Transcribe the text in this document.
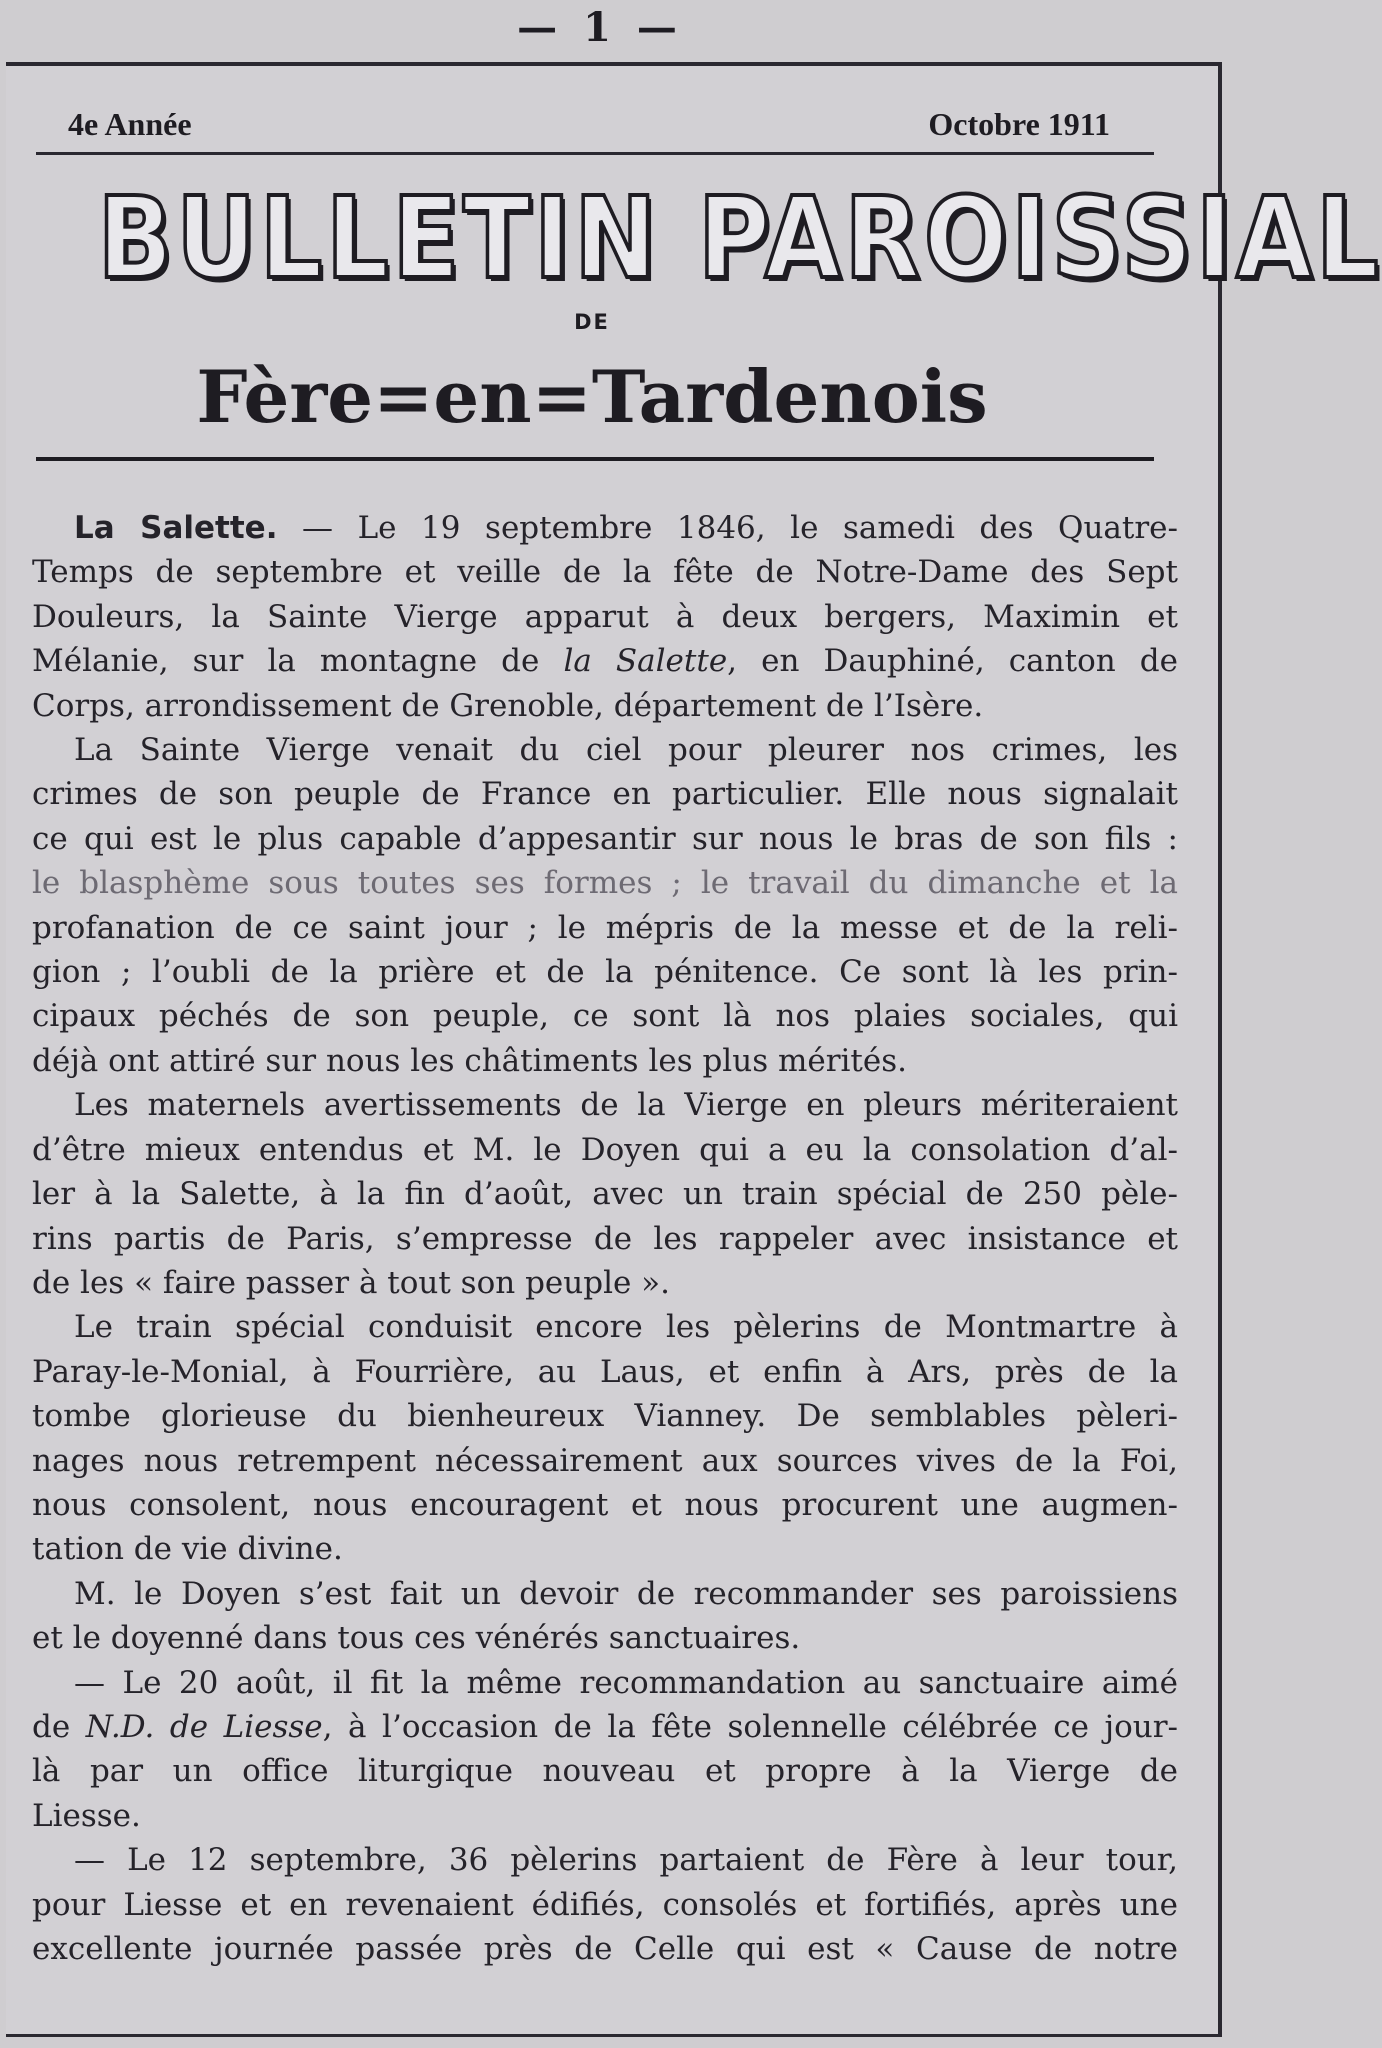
— 1 —
4e Année	Octobre 1911
BULLETIN PAROISSIAL
DE
Fère=en=Tardenois

La Salette. — Le 19 septembre 1846, le samedi des Quatre-

Temps de septembre et veille de la fête de Notre-Dame des Sept

Douleurs, la Sainte Vierge apparut à deux bergers, Maximin et

Mélanie, sur la montagne de la Salette, en Dauphiné, canton de

Corps, arrondissement de Grenoble, département de l’Isère.

La Sainte Vierge venait du ciel pour pleurer nos crimes, les

crimes de son peuple de France en particulier. Elle nous signalait

ce qui est le plus capable d’appesantir sur nous le bras de son fils :

le blasphème sous toutes ses formes ; le travail du dimanche et la

profanation de ce saint jour ; le mépris de la messe et de la reli-

gion ; l’oubli de la prière et de la pénitence. Ce sont là les prin-

cipaux péchés de son peuple, ce sont là nos plaies sociales, qui

déjà ont attiré sur nous les châtiments les plus mérités.

Les maternels avertissements de la Vierge en pleurs mériteraient

d’être mieux entendus et M. le Doyen qui a eu la consolation d’al-

ler à la Salette, à la fin d’août, avec un train spécial de 250 pèle-

rins partis de Paris, s’empresse de les rappeler avec insistance et

de les « faire passer à tout son peuple ».

Le train spécial conduisit encore les pèlerins de Montmartre à

Paray-le-Monial, à Fourrière, au Laus, et enfin à Ars, près de la

tombe glorieuse du bienheureux Vianney. De semblables pèleri-

nages nous retrempent nécessairement aux sources vives de la Foi,

nous consolent, nous encouragent et nous procurent une augmen-

tation de vie divine.

M. le Doyen s’est fait un devoir de recommander ses paroissiens

et le doyenné dans tous ces vénérés sanctuaires.

— Le 20 août, il fit la même recommandation au sanctuaire aimé

de N.D. de Liesse, à l’occasion de la fête solennelle célébrée ce jour-

là par un office liturgique nouveau et propre à la Vierge de

Liesse.

— Le 12 septembre, 36 pèlerins partaient de Fère à leur tour,

pour Liesse et en revenaient édifiés, consolés et fortifiés, après une

excellente journée passée près de Celle qui est « Cause de notre
